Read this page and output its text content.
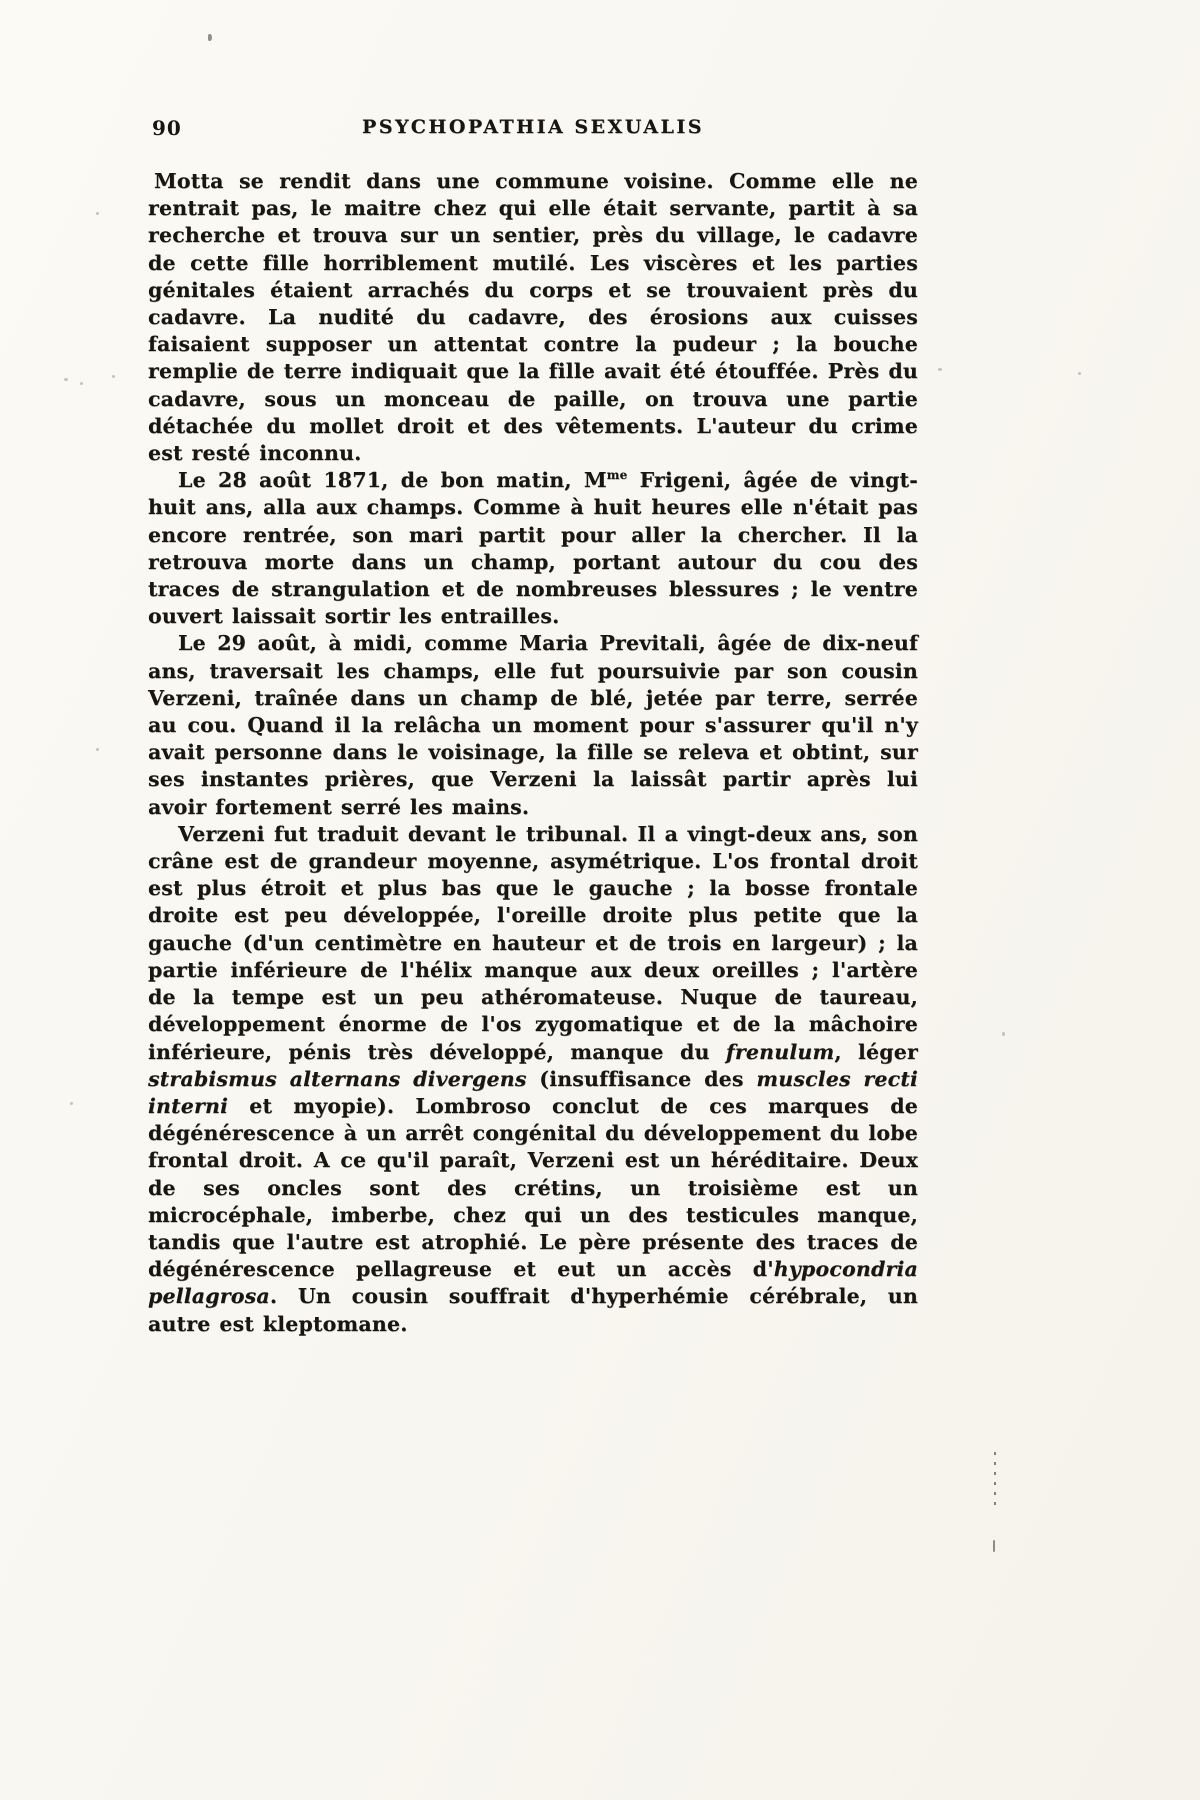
90	PSYCHOPATHIA SEXUALIS

Motta se rendit dans une commune voisine. Comme elle ne rentrait pas, le maitre chez qui elle était servante, partit à sa recherche et trouva sur un sentier, près du village, le cadavre de cette fille horriblement mutilé. Les viscères et les parties génitales étaient arrachés du corps et se trouvaient près du cadavre. La nudité du cadavre, des érosions aux cuisses faisaient supposer un attentat contre la pudeur ; la bouche remplie de terre indiquait que la fille avait été étouffée. Près du cadavre, sous un monceau de paille, on trouva une partie détachée du mollet droit et des vêtements. L'auteur du crime est resté inconnu.

Le 28 août 1871, de bon matin, $M^{me}$ Frigeni, âgée de vingt-huit ans, alla aux champs. Comme à huit heures elle n'était pas encore rentrée, son mari partit pour aller la chercher. Il la retrouva morte dans un champ, portant autour du cou des traces de strangulation et de nombreuses blessures ; le ventre ouvert laissait sortir les entrailles.

Le 29 août, à midi, comme Maria Previtali, âgée de dix-neuf ans, traversait les champs, elle fut poursuivie par son cousin Verzeni, traînée dans un champ de blé, jetée par terre, serrée au cou. Quand il la relâcha un moment pour s'assurer qu'il n'y avait personne dans le voisinage, la fille se releva et obtint, sur ses instantes prières, que Verzeni la laissât partir après lui avoir fortement serré les mains.

Verzeni fut traduit devant le tribunal. Il a vingt-deux ans, son crâne est de grandeur moyenne, asymétrique. L'os frontal droit est plus étroit et plus bas que le gauche ; la bosse frontale droite est peu développée, l'oreille droite plus petite que la gauche (d'un centimètre en hauteur et de trois en largeur) ; la partie inférieure de l'hélix manque aux deux oreilles ; l'artère de la tempe est un peu athéromateuse. Nuque de taureau, développement énorme de l'os zygomatique et de la mâchoire inférieure, pénis très développé, manque du frenulum, léger strabismus alternans divergens (insuffisance des muscles recti interni et myopie). Lombroso conclut de ces marques de dégénérescence à un arrêt congénital du développement du lobe frontal droit. A ce qu'il paraît, Verzeni est un héréditaire. Deux de ses oncles sont des crétins, un troisième est un microcéphale, imberbe, chez qui un des testicules manque, tandis que l'autre est atrophié. Le père présente des traces de dégénérescence pellagreuse et eut un accès d'hypocondria pellagrosa. Un cousin souffrait d'hyperhémie cérébrale, un autre est kleptomane.
